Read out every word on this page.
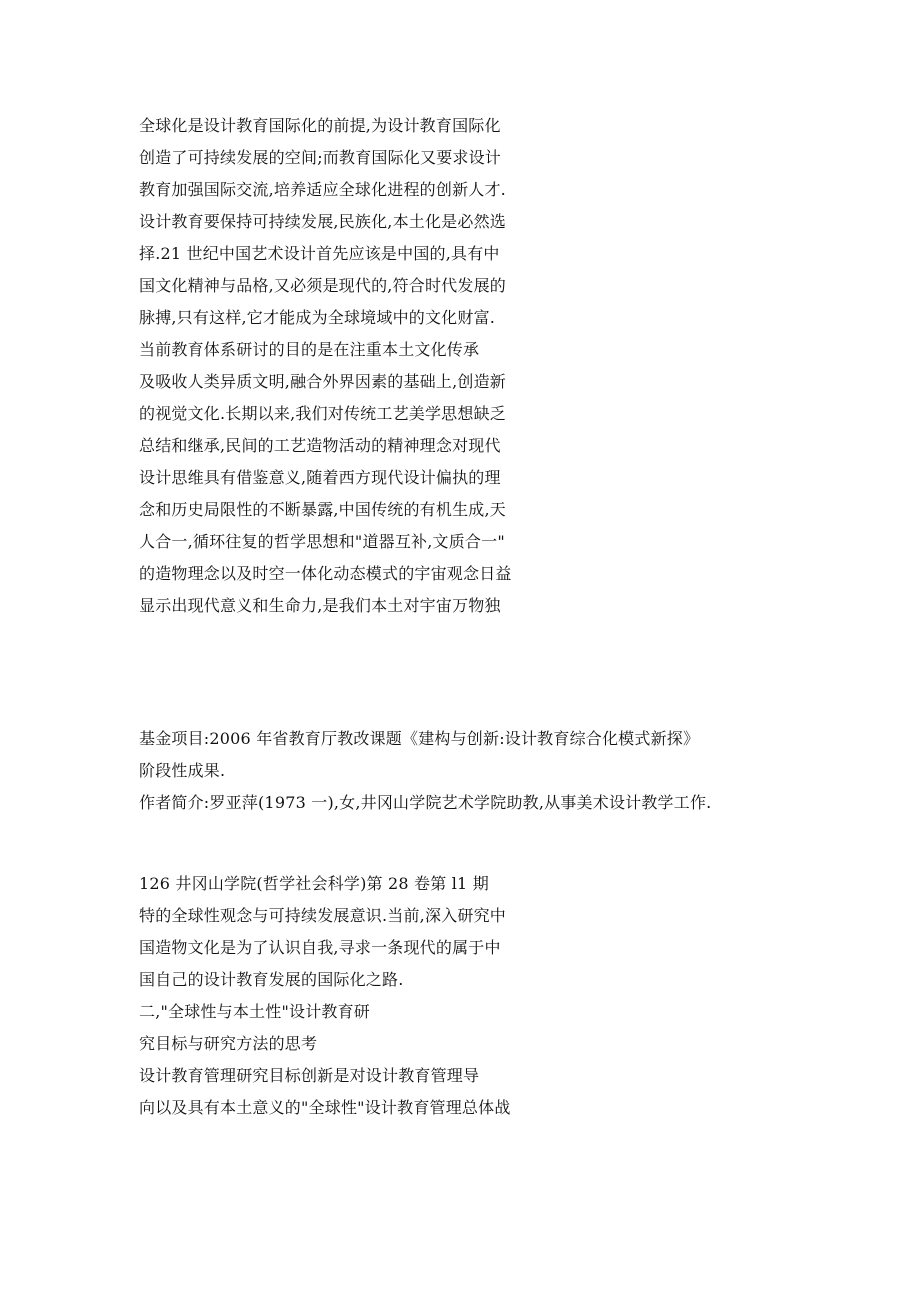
全球化是设计教育国际化的前提,为设计教育国际化
创造了可持续发展的空间;而教育国际化又要求设计
教育加强国际交流,培养适应全球化进程的创新人才.
设计教育要保持可持续发展,民族化,本土化是必然选
择.21 世纪中国艺术设计首先应该是中国的,具有中
国文化精神与品格,又必须是现代的,符合时代发展的
脉搏,只有这样,它才能成为全球境域中的文化财富.
当前教育体系研讨的目的是在注重本土文化传承
及吸收人类异质文明,融合外界因素的基础上,创造新
的视觉文化.长期以来,我们对传统工艺美学思想缺乏
总结和继承,民间的工艺造物活动的精神理念对现代
设计思维具有借鉴意义,随着西方现代设计偏执的理
念和历史局限性的不断暴露,中国传统的有机生成,天
人合一,循环往复的哲学思想和"道器互补,文质合一"
的造物理念以及时空一体化动态模式的宇宙观念日益
显示出现代意义和生命力,是我们本土对宇宙万物独
基金项目:2006 年省教育厅教改课题《建构与创新:设计教育综合化模式新探》
阶段性成果.
作者简介:罗亚萍(1973 一),女,井冈山学院艺术学院助教,从事美术设计教学工作.
126 井冈山学院(哲学社会科学)第 28 卷第 l1 期
特的全球性观念与可持续发展意识.当前,深入研究中
国造物文化是为了认识自我,寻求一条现代的属于中
国自己的设计教育发展的国际化之路.
二,"全球性与本土性"设计教育研
究目标与研究方法的思考
设计教育管理研究目标创新是对设计教育管理导
向以及具有本土意义的"全球性"设计教育管理总体战
